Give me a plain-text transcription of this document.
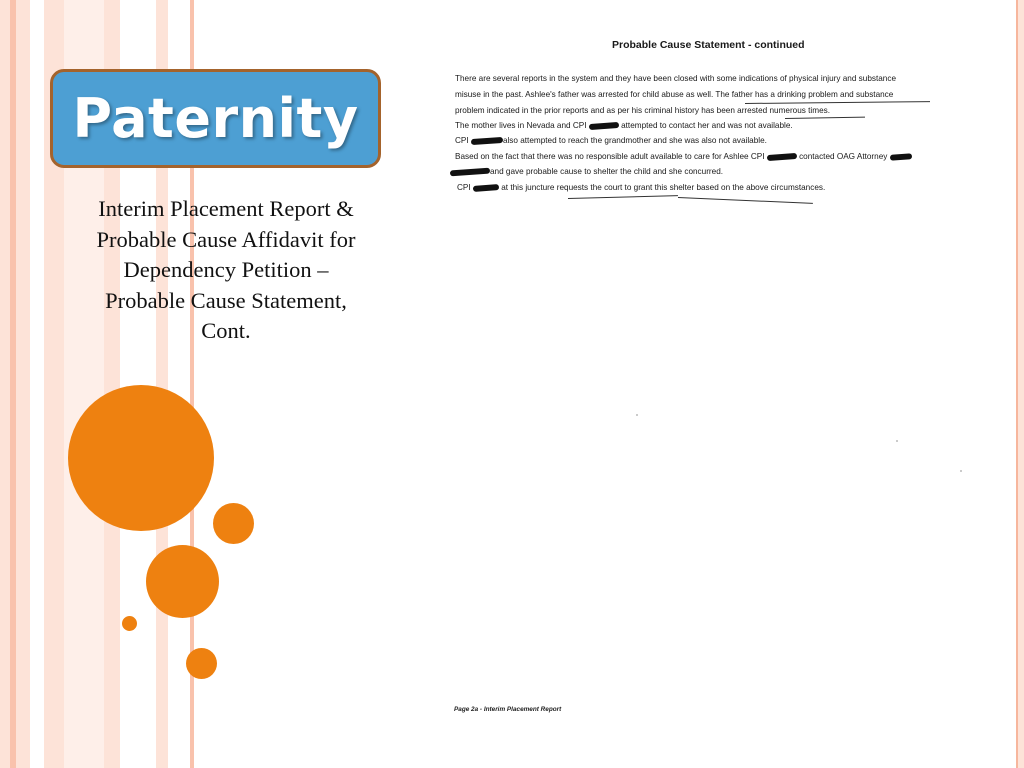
Paternity
Interim Placement Report & Probable Cause Affidavit for Dependency Petition – Probable Cause Statement, Cont.
Probable Cause Statement - continued
There are several reports in the system and they have been closed with some indications of physical injury and substance
misuse in the past. Ashlee's father was arrested for child abuse as well. The father has a drinking problem and substance
problem indicated in the prior reports and as per his criminal history has been arrested numerous times.
The mother lives in Nevada and CPI	attempted to contact her and was not available.
CPI	also attempted to reach the grandmother and she was also not available.
Based on the fact that there was no responsible adult available to care for Ashlee CPI	contacted OAG Attorney
and gave probable cause to shelter the child and she concurred.
CPI	at this juncture requests the court to grant this shelter based on the above circumstances.
Page 2a - Interim Placement Report
